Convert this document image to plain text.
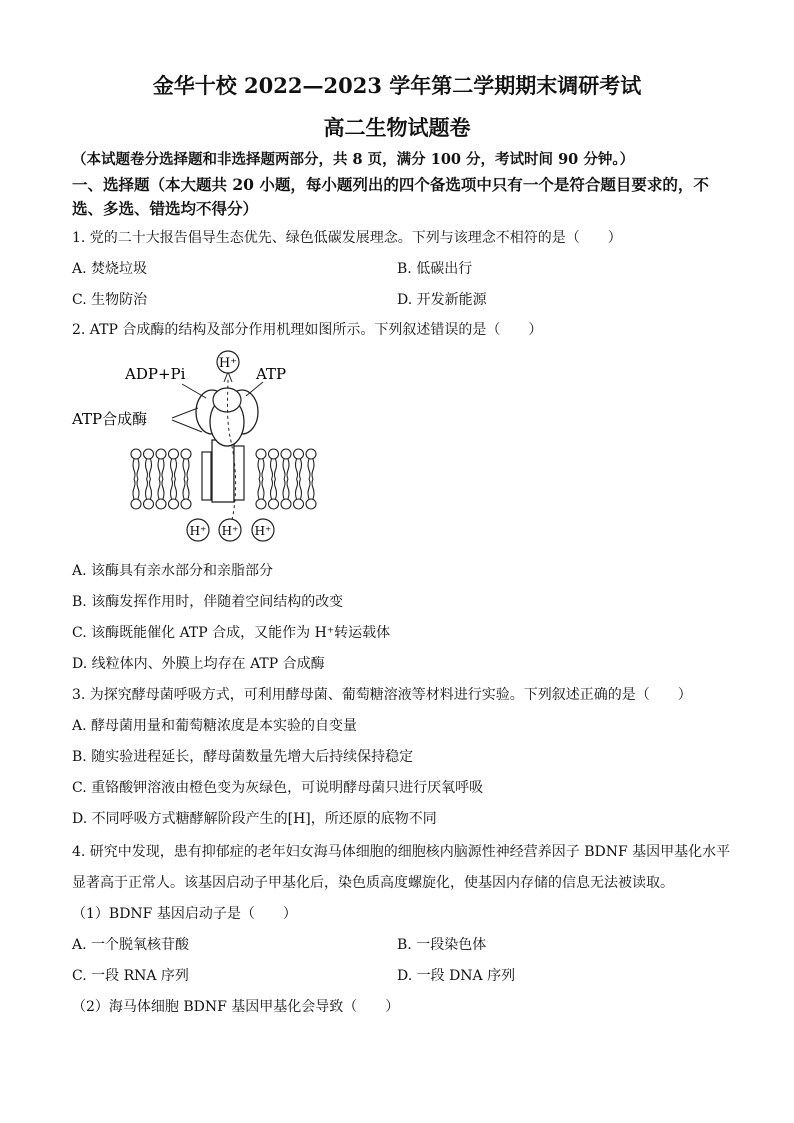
金华十校 2022—2023 学年第二学期期末调研考试
高二生物试题卷
（本试题卷分选择题和非选择题两部分，共 8 页，满分 100 分，考试时间 90 分钟。）
一、选择题（本大题共 20 小题，每小题列出的四个备选项中只有一个是符合题目要求的，不
选、多选、错选均不得分）
1. 党的二十大报告倡导生态优先、绿色低碳发展理念。下列与该理念不相符的是（　　）
A. 焚烧垃圾	B. 低碳出行
C. 生物防治	D. 开发新能源
2. ATP 合成酶的结构及部分作用机理如图所示。下列叙述错误的是（　　）
H⁺
ADP+Pi	ATP
ATP合成酶
H⁺ H⁺ H⁺
A. 该酶具有亲水部分和亲脂部分
B. 该酶发挥作用时，伴随着空间结构的改变
C. 该酶既能催化 ATP 合成，又能作为 H⁺转运载体
D. 线粒体内、外膜上均存在 ATP 合成酶
3. 为探究酵母菌呼吸方式，可利用酵母菌、葡萄糖溶液等材料进行实验。下列叙述正确的是（　　）
A. 酵母菌用量和葡萄糖浓度是本实验的自变量
B. 随实验进程延长，酵母菌数量先增大后持续保持稳定
C. 重铬酸钾溶液由橙色变为灰绿色，可说明酵母菌只进行厌氧呼吸
D. 不同呼吸方式糖酵解阶段产生的[H]，所还原的底物不同
4. 研究中发现，患有抑郁症的老年妇女海马体细胞的细胞核内脑源性神经营养因子 BDNF 基因甲基化水平
显著高于正常人。该基因启动子甲基化后，染色质高度螺旋化，使基因内存储的信息无法被读取。
（1）BDNF 基因启动子是（　　）
A. 一个脱氧核苷酸	B. 一段染色体
C. 一段 RNA 序列	D. 一段 DNA 序列
（2）海马体细胞 BDNF 基因甲基化会导致（　　）
